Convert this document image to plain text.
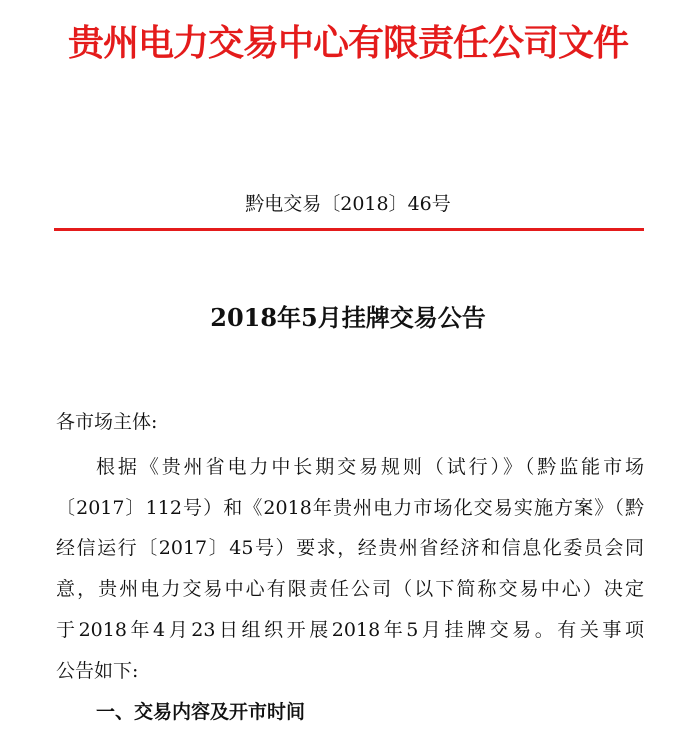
贵州电力交易中心有限责任公司文件
黔电交易〔2018〕46号
2018年5月挂牌交易公告
各市场主体:
根据《贵州省电力中长期交易规则（试行）》（黔监能市场
〔2017〕112号）和《2018年贵州电力市场化交易实施方案》（黔
经信运行〔2017〕45号）要求，经贵州省经济和信息化委员会同
意，贵州电力交易中心有限责任公司（以下简称交易中心）决定
于2018年4月23日组织开展2018年5月挂牌交易。有关事项
公告如下:
一、交易内容及开市时间
